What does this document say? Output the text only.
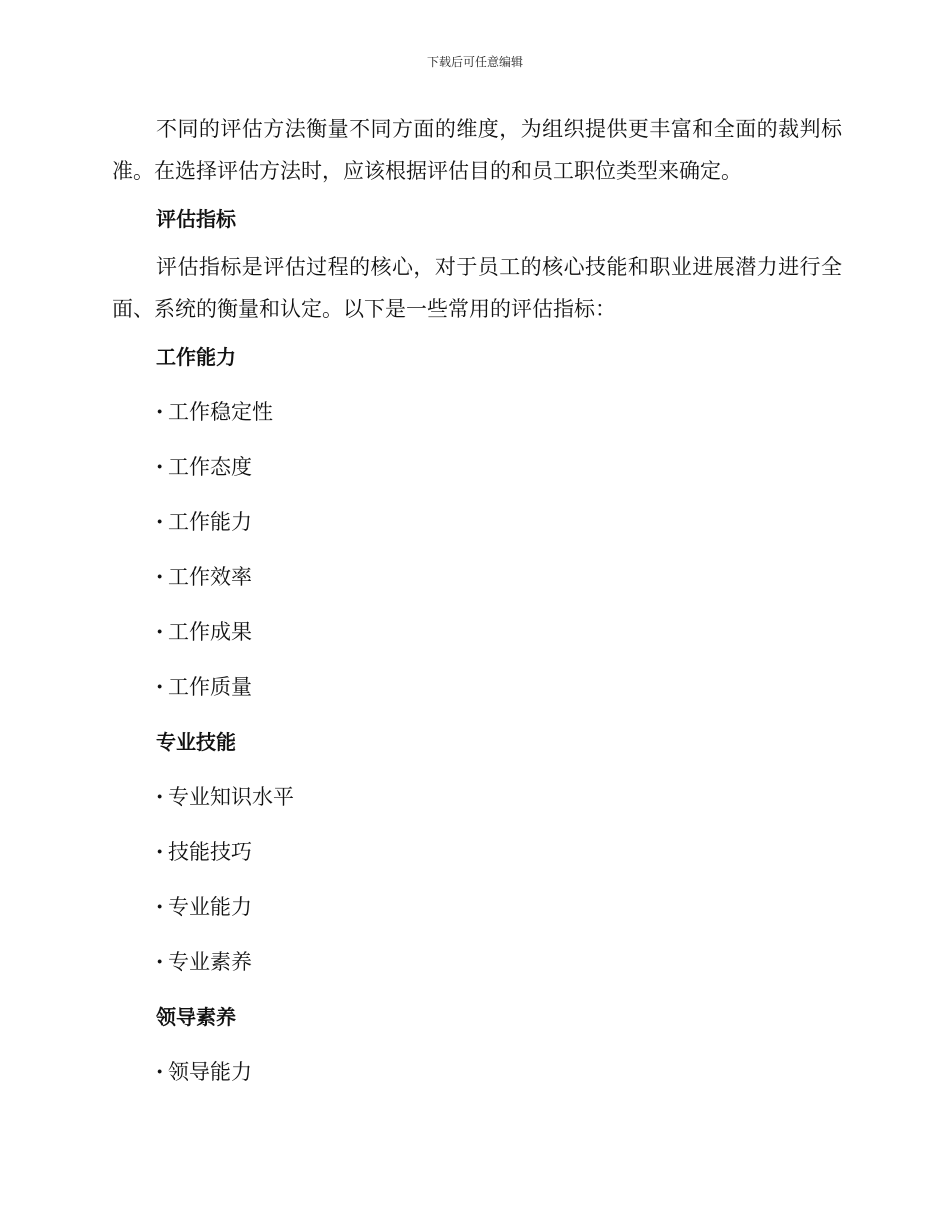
下载后可任意编辑

不同的评估方法衡量不同方面的维度，为组织提供更丰富和全面的裁判标准。在选择评估方法时，应该根据评估目的和员工职位类型来确定。

评估指标

评估指标是评估过程的核心，对于员工的核心技能和职业进展潜力进行全面、系统的衡量和认定。以下是一些常用的评估指标：

工作能力
· 工作稳定性
· 工作态度
· 工作能力
· 工作效率
· 工作成果
· 工作质量
专业技能
· 专业知识水平
· 技能技巧
· 专业能力
· 专业素养
领导素养
· 领导能力
